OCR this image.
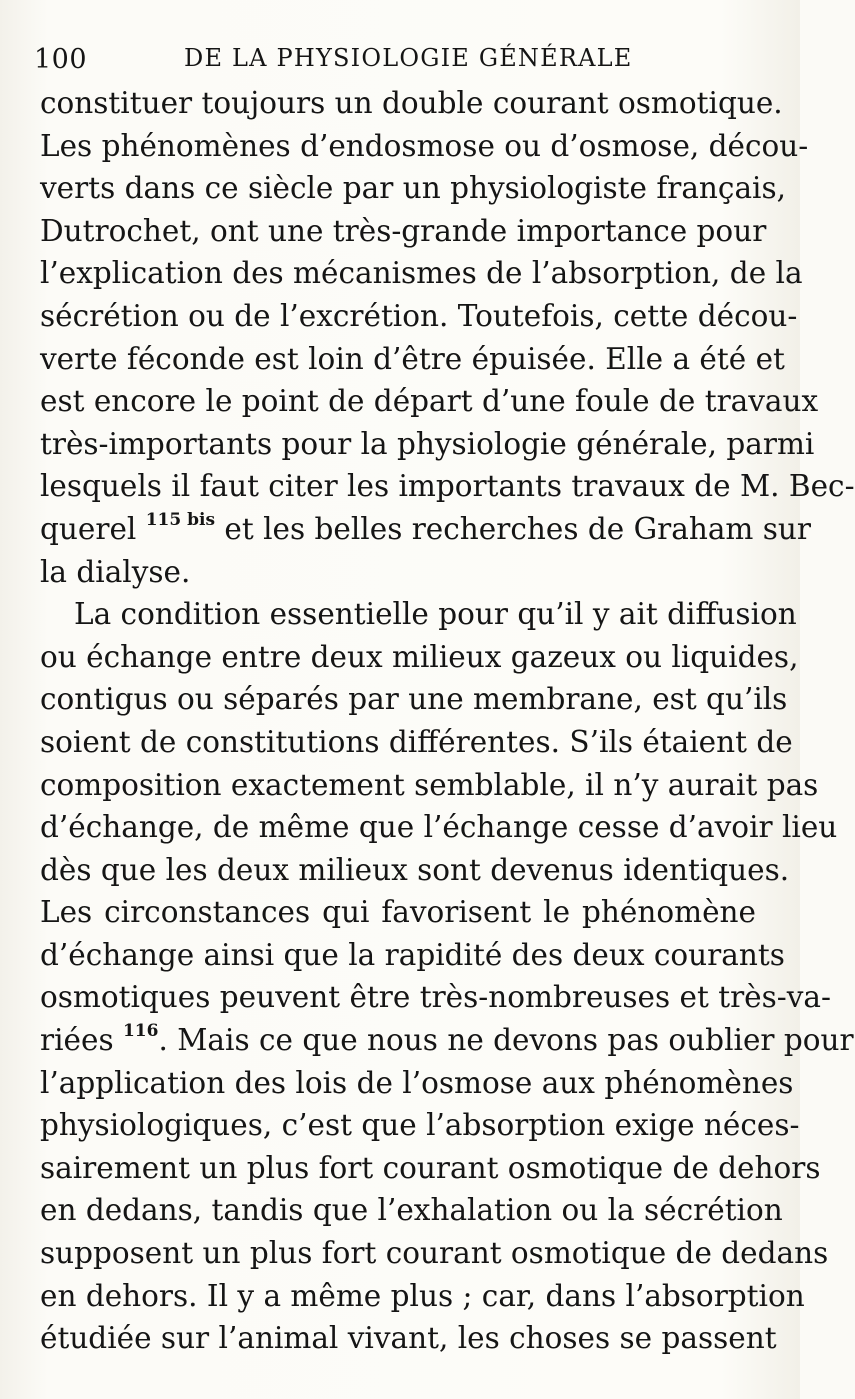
100	DE LA PHYSIOLOGIE GÉNÉRALE
constituer toujours un double courant osmotique.
Les phénomènes d’endosmose ou d’osmose, décou-
verts dans ce siècle par un physiologiste français,
Dutrochet, ont une très-grande importance pour
l’explication des mécanismes de l’absorption, de la
sécrétion ou de l’excrétion. Toutefois, cette décou-
verte féconde est loin d’être épuisée. Elle a été et
est encore le point de départ d’une foule de travaux
très-importants pour la physiologie générale, parmi
lesquels il faut citer les importants travaux de M. Bec-
querel $^{115 bis}$ et les belles recherches de Graham sur
la dialyse.
La condition essentielle pour qu’il y ait diffusion
ou échange entre deux milieux gazeux ou liquides,
contigus ou séparés par une membrane, est qu’ils
soient de constitutions différentes. S’ils étaient de
composition exactement semblable, il n’y aurait pas
d’échange, de même que l’échange cesse d’avoir lieu
dès que les deux milieux sont devenus identiques.
Les circonstances qui favorisent le phénomène
d’échange ainsi que la rapidité des deux courants
osmotiques peuvent être très-nombreuses et très-va-
riées $^{116}$. Mais ce que nous ne devons pas oublier pour
l’application des lois de l’osmose aux phénomènes
physiologiques, c’est que l’absorption exige néces-
sairement un plus fort courant osmotique de dehors
en dedans, tandis que l’exhalation ou la sécrétion
supposent un plus fort courant osmotique de dedans
en dehors. Il y a même plus ; car, dans l’absorption
étudiée sur l’animal vivant, les choses se passent
